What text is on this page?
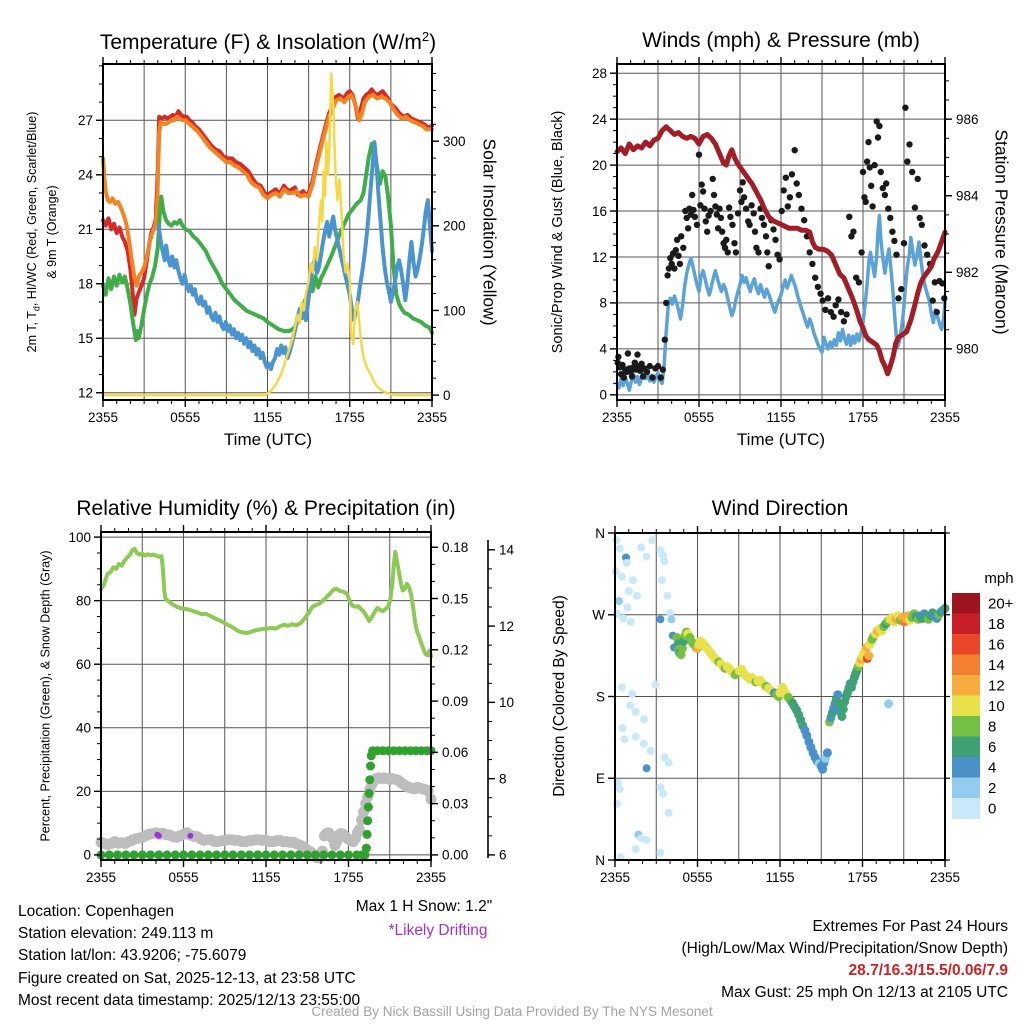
2355	0555	1155	1755	2355
12
15
18
21
24
27
0
100
200
300
2355	0555	1155	1755	2355
0
4
8
12
16
20
24
28
980
982
984
986
2355	0555	1155	1755	2355
0
20
40
60
80
100
0.00
0.03
0.06
0.09
0.12
0.15
0.18
6
8
10
12
14
2355	0555	1155	1755	2355
N
W
S
E
N
20+
18
16
14
12
10
8
6
4
2
0
mph
Temperature (F) & Insolation $(W/m^2)$	Winds (mph) & Pressure (mb)
Relative Humidity (%) & Precipitation (in)	Wind Direction
Time (UTC)	Time (UTC)
2m T, $T_d$, HI/WC (Red, Green, Scarlet/Blue) & 9m T (Orange)	Solar Insolation (Yellow)	Sonic/Prop Wind & Gust (Blue, Black)	Station Pressure (Maroon)
Percent, Precipitation (Green), & Snow Depth (Gray)	Direction (Colored By Speed)
Location: Copenhagen
Station elevation: 249.113 m
Station lat/lon: 43.9206; -75.6079
Figure created on Sat, 2025-12-13, at 23:58 UTC
Most recent data timestamp: 2025/12/13 23:55:00
Max 1 H Snow: 1.2"
*Likely Drifting	Extremes For Past 24 Hours
(High/Low/Max Wind/Precipitation/Snow Depth)
28.7/16.3/15.5/0.06/7.9
Max Gust: 25 mph On 12/13 at 2105 UTC
Created By Nick Bassill Using Data Provided By The NYS Mesonet
